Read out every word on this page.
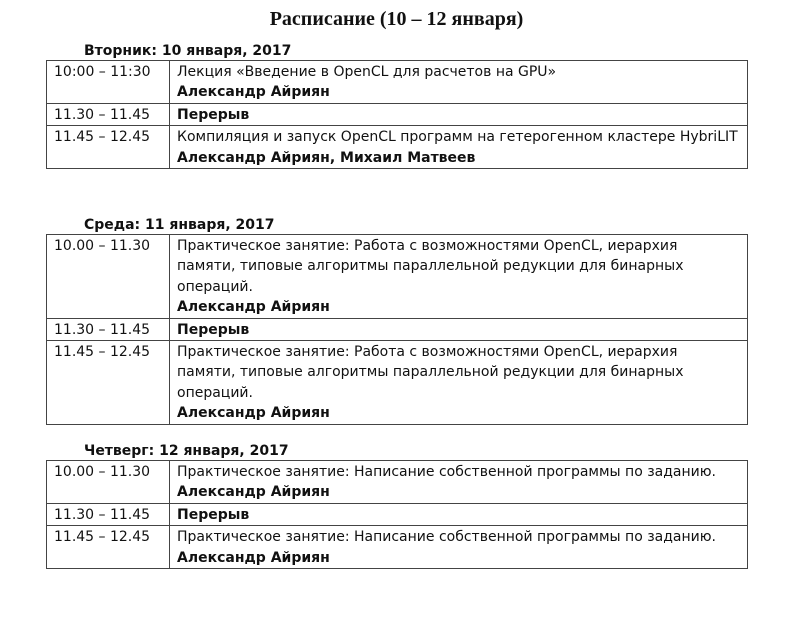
Расписание (10 – 12 января)
Вторник: 10 января, 2017
10:00 – 11:30	Лекция «Введение в OpenCL для расчетов на GPU»
Александр Айриян

11.30 – 11.45	Перерыв
11.45 – 12.45	Компиляция и запуск OpenCL программ на гетерогенном кластере HybriLIT
Александр Айриян, Михаил Матвеев
Среда: 11 января, 2017
10.00 – 11.30	Практическое занятие: Работа с возможностями OpenCL, иерархия памяти, типовые алгоритмы параллельной редукции для бинарных операций.
Александр Айриян

11.30 – 11.45	Перерыв
11.45 – 12.45	Практическое занятие: Работа с возможностями OpenCL, иерархия памяти, типовые алгоритмы параллельной редукции для бинарных операций.
Александр Айриян
Четверг: 12 января, 2017
10.00 – 11.30	Практическое занятие: Написание собственной программы по заданию.
Александр Айриян

11.30 – 11.45	Перерыв
11.45 – 12.45	Практическое занятие: Написание собственной программы по заданию.
Александр Айриян
